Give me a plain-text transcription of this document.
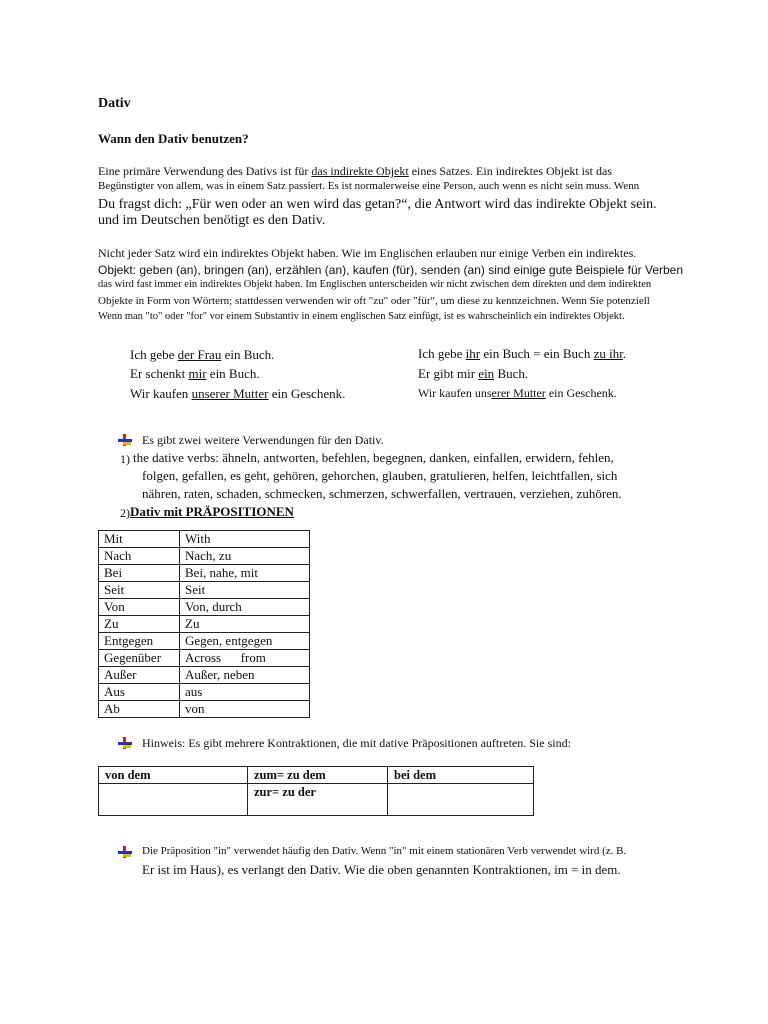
Dativ
Wann den Dativ benutzen?
Eine primäre Verwendung des Dativs ist für das indirekte Objekt eines Satzes. Ein indirektes Objekt ist das
Begünstigter von allem, was in einem Satz passiert. Es ist normalerweise eine Person, auch wenn es nicht sein muss. Wenn
Du fragst dich: „Für wen oder an wen wird das getan?“, die Antwort wird das indirekte Objekt sein.
und im Deutschen benötigt es den Dativ.
Nicht jeder Satz wird ein indirektes Objekt haben. Wie im Englischen erlauben nur einige Verben ein indirektes.
Objekt: geben (an), bringen (an), erzählen (an), kaufen (für), senden (an) sind einige gute Beispiele für Verben
das wird fast immer ein indirektes Objekt haben. Im Englischen unterscheiden wir nicht zwischen dem direkten und dem indirekten
Objekte in Form von Wörtern; stattdessen verwenden wir oft "zu" oder "für", um diese zu kennzeichnen. Wenn Sie potenziell
Wenn man "to" oder "for" vor einem Substantiv in einem englischen Satz einfügt, ist es wahrscheinlich ein indirektes Objekt.
Ich gebe der Frau ein Buch.
Er schenkt mir ein Buch.
Wir kaufen unserer Mutter ein Geschenk.
Ich gebe ihr ein Buch = ein Buch zu ihr.
Er gibt mir ein Buch.
Wir kaufen unserer Mutter ein Geschenk.
Es gibt zwei weitere Verwendungen für den Dativ.
1) the dative verbs: ähneln, antworten, befehlen, begegnen, danken, einfallen, erwidern, fehlen,
folgen, gefallen, es geht, gehören, gehorchen, glauben, gratulieren, helfen, leichtfallen, sich
nähren, raten, schaden, schmecken, schmerzen, schwerfallen, vertrauen, verziehen, zuhören.
2) Dativ mit PRÄPOSITIONEN
Mit	With
Nach	Nach, zu
Bei	Bei, nahe, mit
Seit	Seit
Von	Von, durch
Zu	Zu
Entgegen	Gegen, entgegen
Gegenüber	Across      from
Außer	Außer, neben
Aus	aus
Ab	von
Hinweis: Es gibt mehrere Kontraktionen, die mit dative Präpositionen auftreten. Sie sind:
von dem	zum= zu dem	bei dem
	zur= zu der	
Die Präposition "in" verwendet häufig den Dativ. Wenn "in" mit einem stationären Verb verwendet wird (z. B.
Er ist im Haus), es verlangt den Dativ. Wie die oben genannten Kontraktionen, im = in dem.
